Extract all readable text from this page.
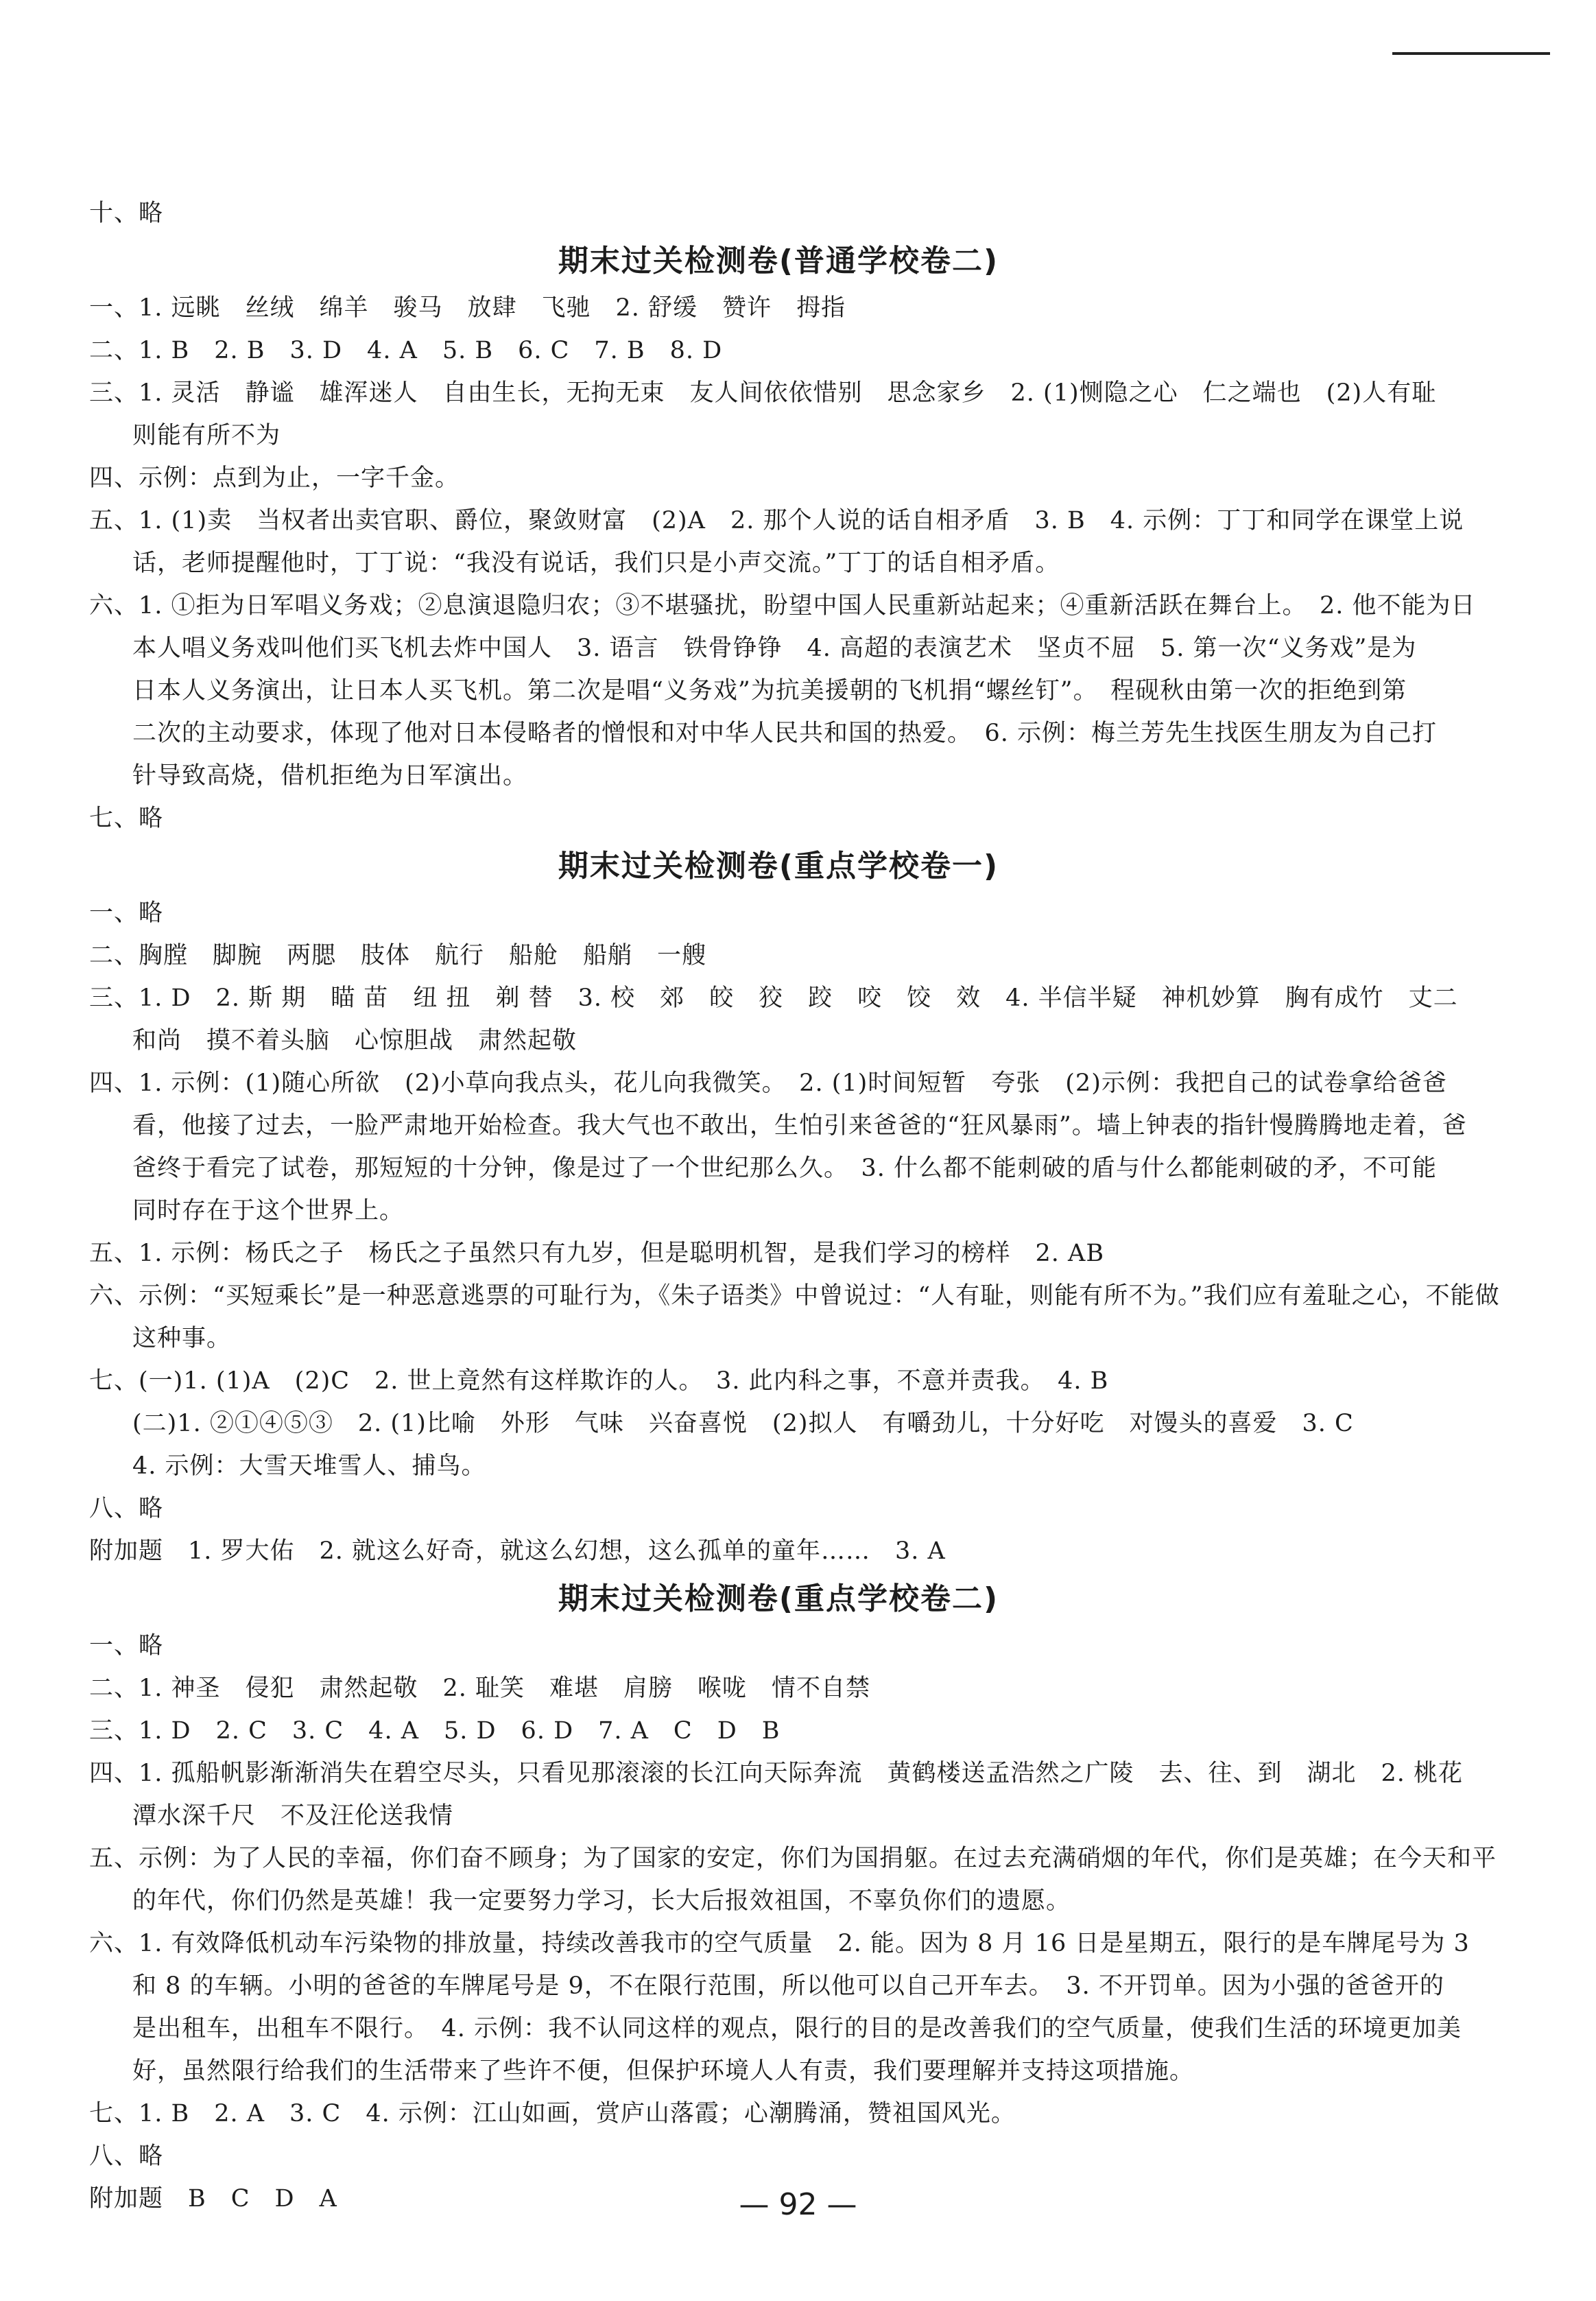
十、略
期末过关检测卷(普通学校卷二)
一、1. 远眺　丝绒　绵羊　骏马　放肆　飞驰　2. 舒缓　赞许　拇指
二、1. B　2. B　3. D　4. A　5. B　6. C　7. B　8. D
三、1. 灵活　静谧　雄浑迷人　自由生长，无拘无束　友人间依依惜别　思念家乡　2. (1)恻隐之心　仁之端也　(2)人有耻
则能有所不为
四、示例：点到为止，一字千金。
五、1. (1)卖　当权者出卖官职、爵位，聚敛财富　(2)A　2. 那个人说的话自相矛盾　3. B　4. 示例：丁丁和同学在课堂上说
话，老师提醒他时，丁丁说：“我没有说话，我们只是小声交流。”丁丁的话自相矛盾。
六、1. ①拒为日军唱义务戏；②息演退隐归农；③不堪骚扰，盼望中国人民重新站起来；④重新活跃在舞台上。　2. 他不能为日
本人唱义务戏叫他们买飞机去炸中国人　3. 语言　铁骨铮铮　4. 高超的表演艺术　坚贞不屈　5. 第一次“义务戏”是为
日本人义务演出，让日本人买飞机。第二次是唱“义务戏”为抗美援朝的飞机捐“螺丝钉”。　程砚秋由第一次的拒绝到第
二次的主动要求，体现了他对日本侵略者的憎恨和对中华人民共和国的热爱。　6. 示例：梅兰芳先生找医生朋友为自己打
针导致高烧，借机拒绝为日军演出。
七、略
期末过关检测卷(重点学校卷一)
一、略
二、胸膛　脚腕　两腮　肢体　航行　船舱　船艄　一艘
三、1. D　2. 斯 期　瞄 苗　纽 扭　剃 替　3. 校　郊　皎　狡　跤　咬　饺　效　4. 半信半疑　神机妙算　胸有成竹　丈二
和尚　摸不着头脑　心惊胆战　肃然起敬
四、1. 示例：(1)随心所欲　(2)小草向我点头，花儿向我微笑。　2. (1)时间短暂　夸张　(2)示例：我把自己的试卷拿给爸爸
看，他接了过去，一脸严肃地开始检查。我大气也不敢出，生怕引来爸爸的“狂风暴雨”。墙上钟表的指针慢腾腾地走着，爸
爸终于看完了试卷，那短短的十分钟，像是过了一个世纪那么久。　3. 什么都不能刺破的盾与什么都能刺破的矛，不可能
同时存在于这个世界上。
五、1. 示例：杨氏之子　杨氏之子虽然只有九岁，但是聪明机智，是我们学习的榜样　2. AB
六、示例：“买短乘长”是一种恶意逃票的可耻行为，《朱子语类》中曾说过：“人有耻，则能有所不为。”我们应有羞耻之心，不能做
这种事。
七、(一)1. (1)A　(2)C　2. 世上竟然有这样欺诈的人。　3. 此内科之事，不意并责我。　4. B
(二)1. ②①④⑤③　2. (1)比喻　外形　气味　兴奋喜悦　(2)拟人　有嚼劲儿，十分好吃　对馒头的喜爱　3. C
4. 示例：大雪天堆雪人、捕鸟。
八、略
附加题　1. 罗大佑　2. 就这么好奇，就这么幻想，这么孤单的童年……　3. A
期末过关检测卷(重点学校卷二)
一、略
二、1. 神圣　侵犯　肃然起敬　2. 耻笑　难堪　肩膀　喉咙　情不自禁
三、1. D　2. C　3. C　4. A　5. D　6. D　7. A　C　D　B
四、1. 孤船帆影渐渐消失在碧空尽头，只看见那滚滚的长江向天际奔流　黄鹤楼送孟浩然之广陵　去、往、到　湖北　2. 桃花
潭水深千尺　不及汪伦送我情
五、示例：为了人民的幸福，你们奋不顾身；为了国家的安定，你们为国捐躯。在过去充满硝烟的年代，你们是英雄；在今天和平
的年代，你们仍然是英雄！我一定要努力学习，长大后报效祖国，不辜负你们的遗愿。
六、1. 有效降低机动车污染物的排放量，持续改善我市的空气质量　2. 能。因为 8 月 16 日是星期五，限行的是车牌尾号为 3
和 8 的车辆。小明的爸爸的车牌尾号是 9，不在限行范围，所以他可以自己开车去。　3. 不开罚单。因为小强的爸爸开的
是出租车，出租车不限行。　4. 示例：我不认同这样的观点，限行的目的是改善我们的空气质量，使我们生活的环境更加美
好，虽然限行给我们的生活带来了些许不便，但保护环境人人有责，我们要理解并支持这项措施。
七、1. B　2. A　3. C　4. 示例：江山如画，赏庐山落霞；心潮腾涌，赞祖国风光。
八、略
附加题　B　C　D　A	— 92 —
